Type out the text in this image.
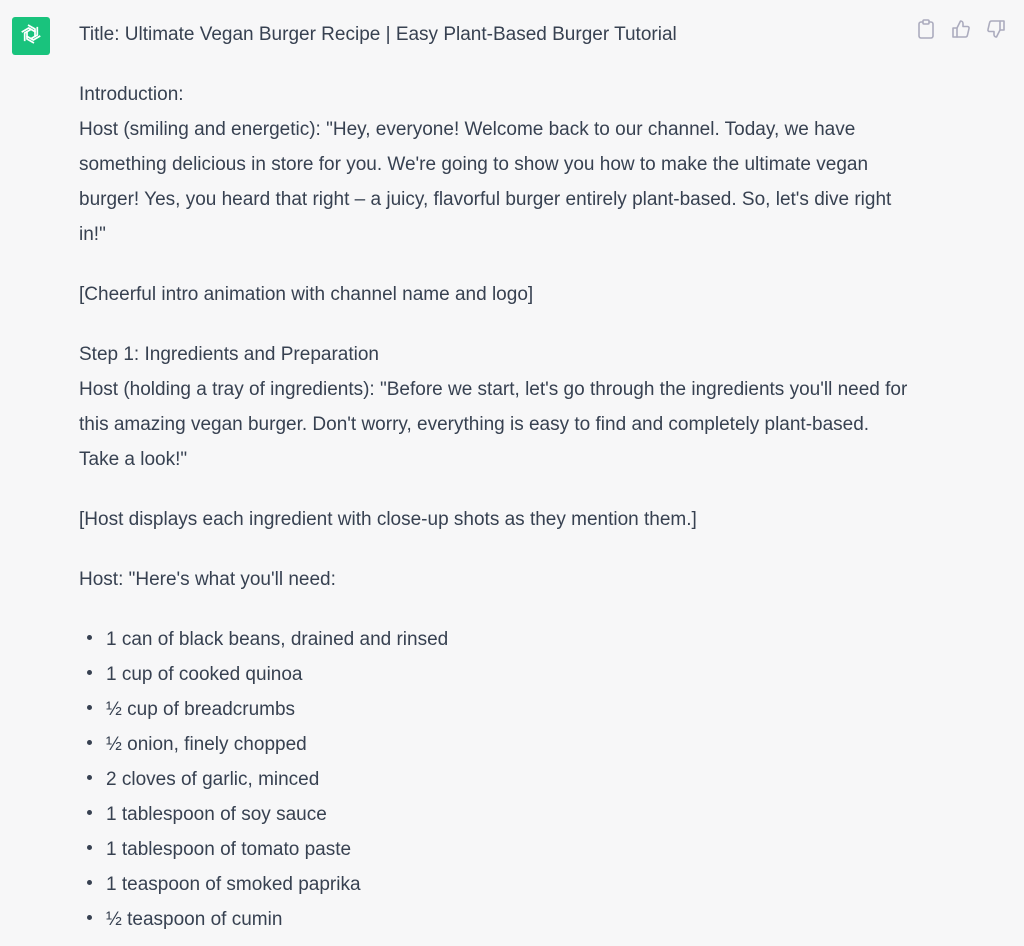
Title: Ultimate Vegan Burger Recipe | Easy Plant-Based Burger Tutorial

Introduction:

Host (smiling and energetic): "Hey, everyone! Welcome back to our channel. Today, we have something delicious in store for you. We're going to show you how to make the ultimate vegan burger! Yes, you heard that right – a juicy, flavorful burger entirely plant-based. So, let's dive right in!"

[Cheerful intro animation with channel name and logo]

Step 1: Ingredients and Preparation

Host (holding a tray of ingredients): "Before we start, let's go through the ingredients you'll need for this amazing vegan burger. Don't worry, everything is easy to find and completely plant-based. Take a look!"

[Host displays each ingredient with close-up shots as they mention them.]

Host: "Here's what you'll need:

1 can of black beans, drained and rinsed
1 cup of cooked quinoa
½ cup of breadcrumbs
½ onion, finely chopped
2 cloves of garlic, minced
1 tablespoon of soy sauce
1 tablespoon of tomato paste
1 teaspoon of smoked paprika
½ teaspoon of cumin
